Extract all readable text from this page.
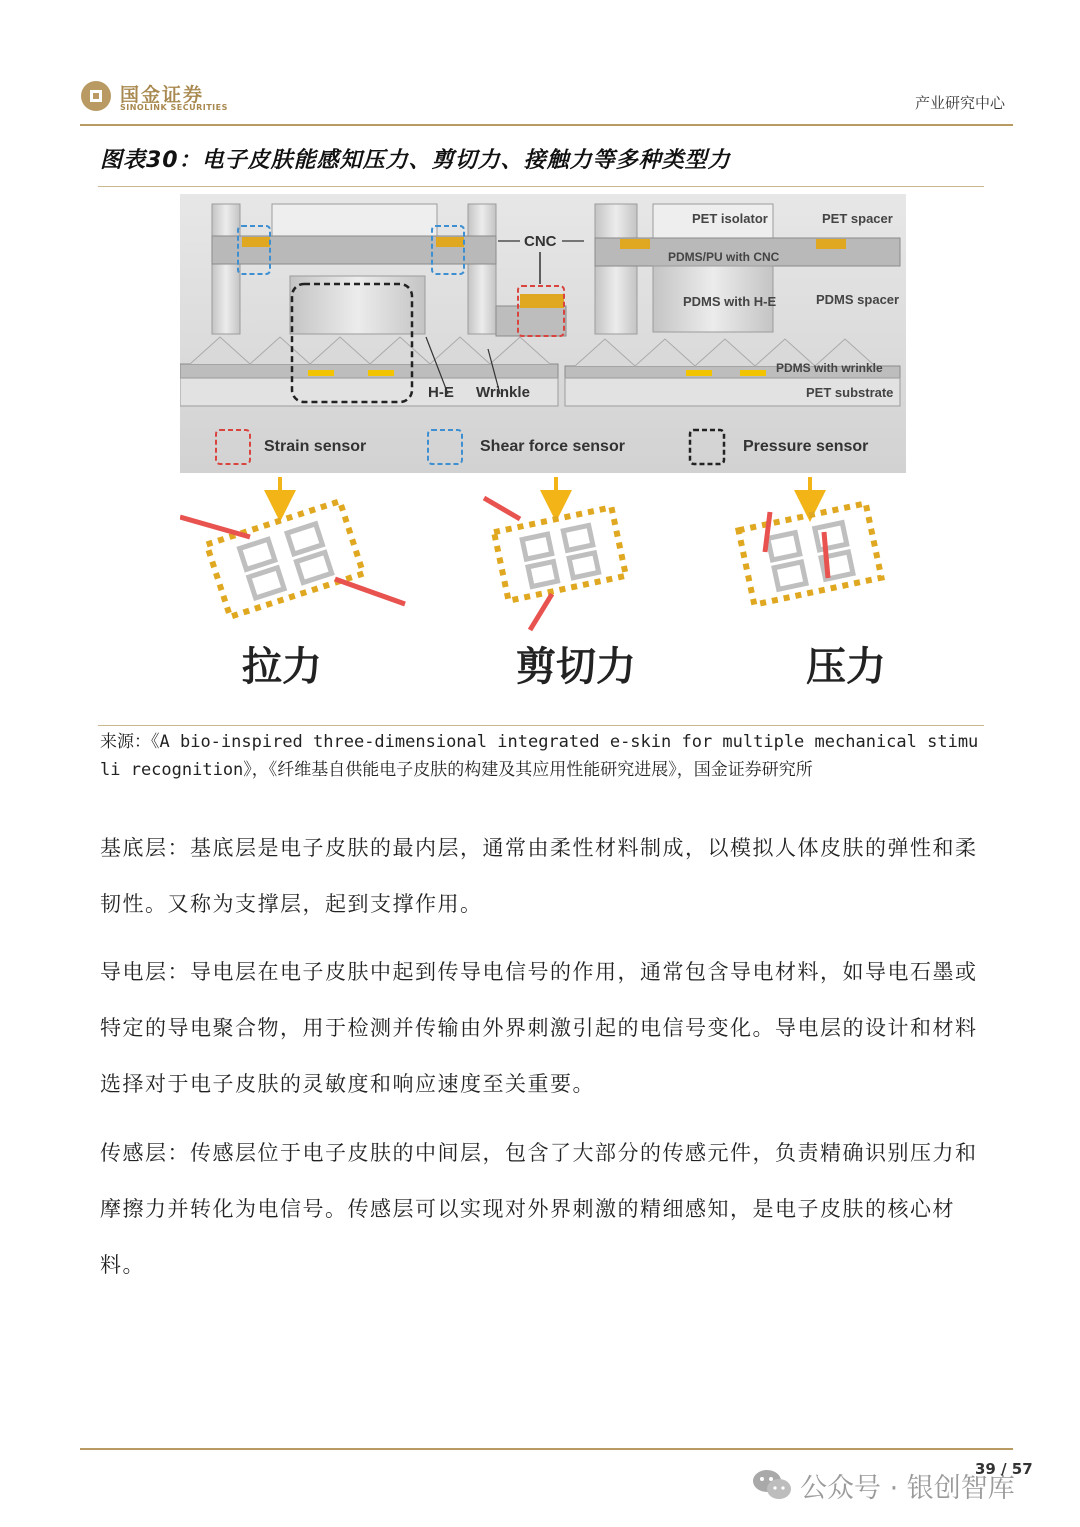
国金证券
SINOLINK SECURITIES	产业研究中心
图表30：电子皮肤能感知压力、剪切力、接触力等多种类型力
H-E Wrinkle
CNC
PET isolator	PET spacer
PDMS/PU with CNC
PDMS with H-E	PDMS spacer
PDMS with wrinkle
PET substrate
Strain sensor	Shear force sensor	Pressure sensor
拉力	剪切力	压力
来源：《A bio-inspired three-dimensional integrated e-skin for multiple mechanical stimuli recognition》，《纤维基自供能电子皮肤的构建及其应用性能研究进展》，国金证券研究所
基底层：基底层是电子皮肤的最内层，通常由柔性材料制成，以模拟人体皮肤的弹性和柔韧性。又称为支撑层，起到支撑作用。
导电层：导电层在电子皮肤中起到传导电信号的作用，通常包含导电材料，如导电石墨或特定的导电聚合物，用于检测并传输由外界刺激引起的电信号变化。导电层的设计和材料选择对于电子皮肤的灵敏度和响应速度至关重要。
传感层：传感层位于电子皮肤的中间层，包含了大部分的传感元件，负责精确识别压力和摩擦力并转化为电信号。传感层可以实现对外界刺激的精细感知，是电子皮肤的核心材料。
公众号 · 银创智库
39 / 57
